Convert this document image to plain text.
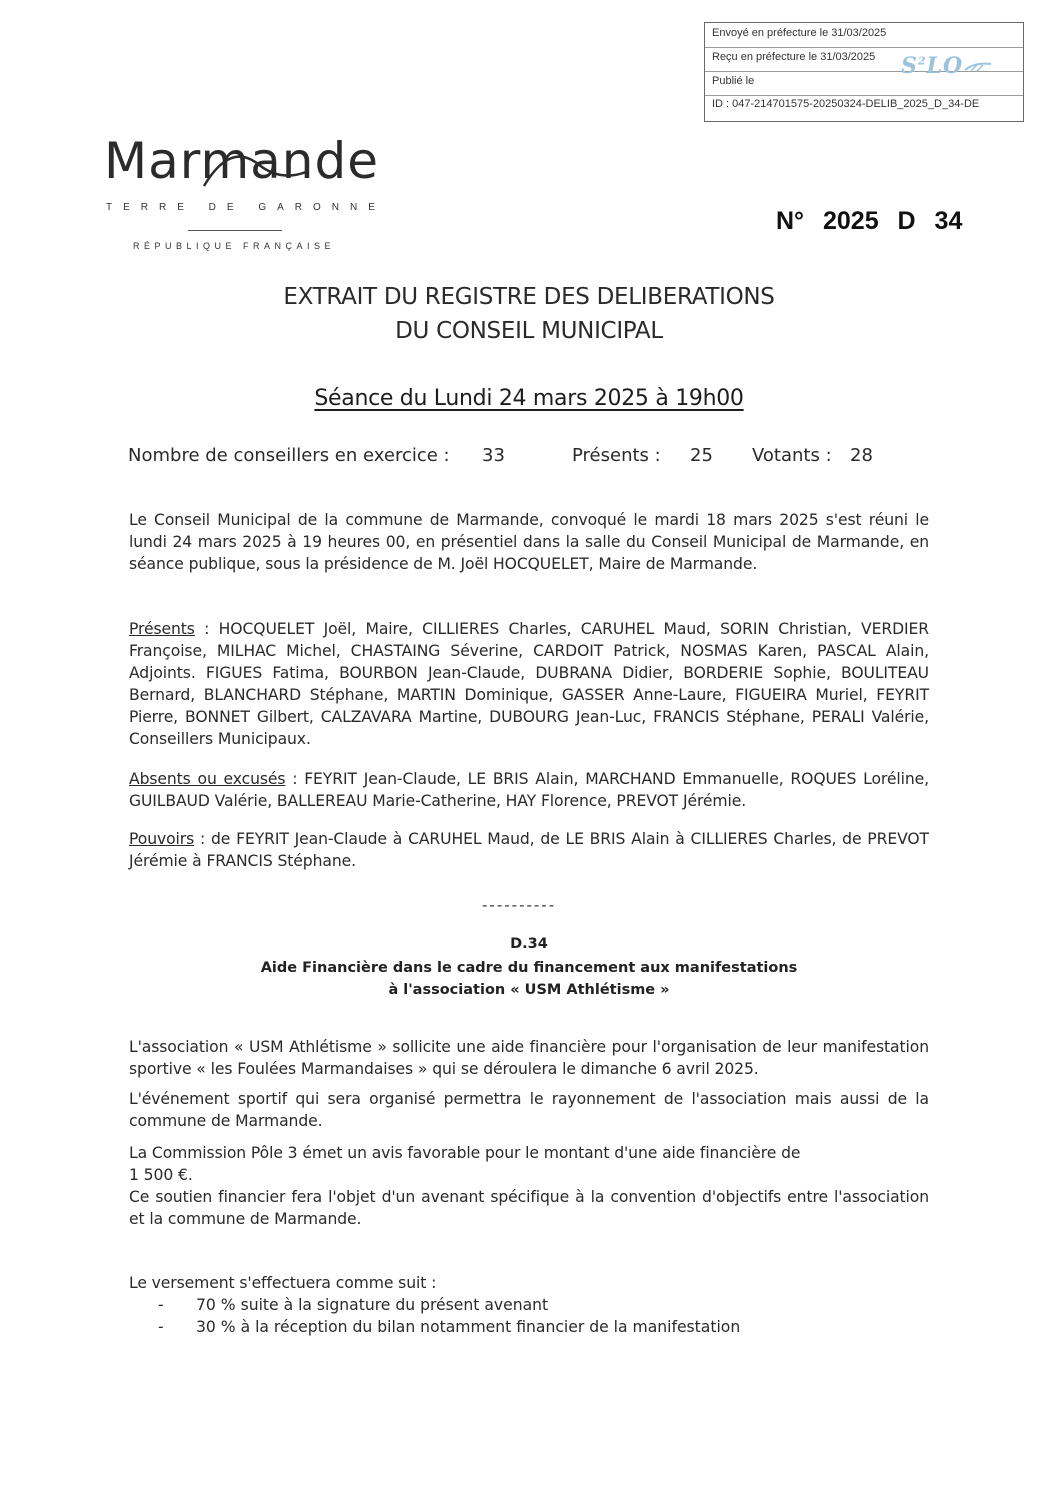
Envoyé en préfecture le 31/03/2025
Reçu en préfecture le 31/03/2025
Publié le
ID : 047-214701575-20250324-DELIB_2025_D_34-DE
$S^2LO$
Marmande
TERRE DE GARONNE
RÉPUBLIQUE FRANÇAISE
N° 2025 D 34
EXTRAIT DU REGISTRE DES DELIBERATIONS
DU CONSEIL MUNICIPAL
Séance du Lundi 24 mars 2025 à 19h00
Nombre de conseillers en exercice : 33	Présents : 25 Votants : 28
Le Conseil Municipal de la commune de Marmande, convoqué le mardi 18 mars 2025 s'est réuni le lundi 24 mars 2025 à 19 heures 00, en présentiel dans la salle du Conseil Municipal de Marmande, en séance publique, sous la présidence de M. Joël HOCQUELET, Maire de Marmande.
Présents : HOCQUELET Joël, Maire, CILLIERES Charles, CARUHEL Maud, SORIN Christian, VERDIER Françoise, MILHAC Michel, CHASTAING Séverine, CARDOIT Patrick, NOSMAS Karen, PASCAL Alain, Adjoints. FIGUES Fatima, BOURBON Jean-Claude, DUBRANA Didier, BORDERIE Sophie, BOULITEAU Bernard, BLANCHARD Stéphane, MARTIN Dominique, GASSER Anne-Laure, FIGUEIRA Muriel, FEYRIT Pierre, BONNET Gilbert, CALZAVARA Martine, DUBOURG Jean-Luc, FRANCIS Stéphane, PERALI Valérie, Conseillers Municipaux.
Absents ou excusés : FEYRIT Jean-Claude, LE BRIS Alain, MARCHAND Emmanuelle, ROQUES Loréline, GUILBAUD Valérie, BALLEREAU Marie-Catherine, HAY Florence, PREVOT Jérémie.
Pouvoirs : de FEYRIT Jean-Claude à CARUHEL Maud, de LE BRIS Alain à CILLIERES Charles, de PREVOT Jérémie à FRANCIS Stéphane.
----------
D.34
Aide Financière dans le cadre du financement aux manifestations
à l'association « USM Athlétisme »
L'association « USM Athlétisme » sollicite une aide financière pour l'organisation de leur manifestation sportive « les Foulées Marmandaises » qui se déroulera le dimanche 6 avril 2025.
L'événement sportif qui sera organisé permettra le rayonnement de l'association mais aussi de la commune de Marmande.
La Commission Pôle 3 émet un avis favorable pour le montant d'une aide financière de
1 500 €.
Ce soutien financier fera l'objet d'un avenant spécifique à la convention d'objectifs entre l'association et la commune de Marmande.
Le versement s'effectuera comme suit :
- 70 % suite à la signature du présent avenant
- 30 % à la réception du bilan notamment financier de la manifestation
